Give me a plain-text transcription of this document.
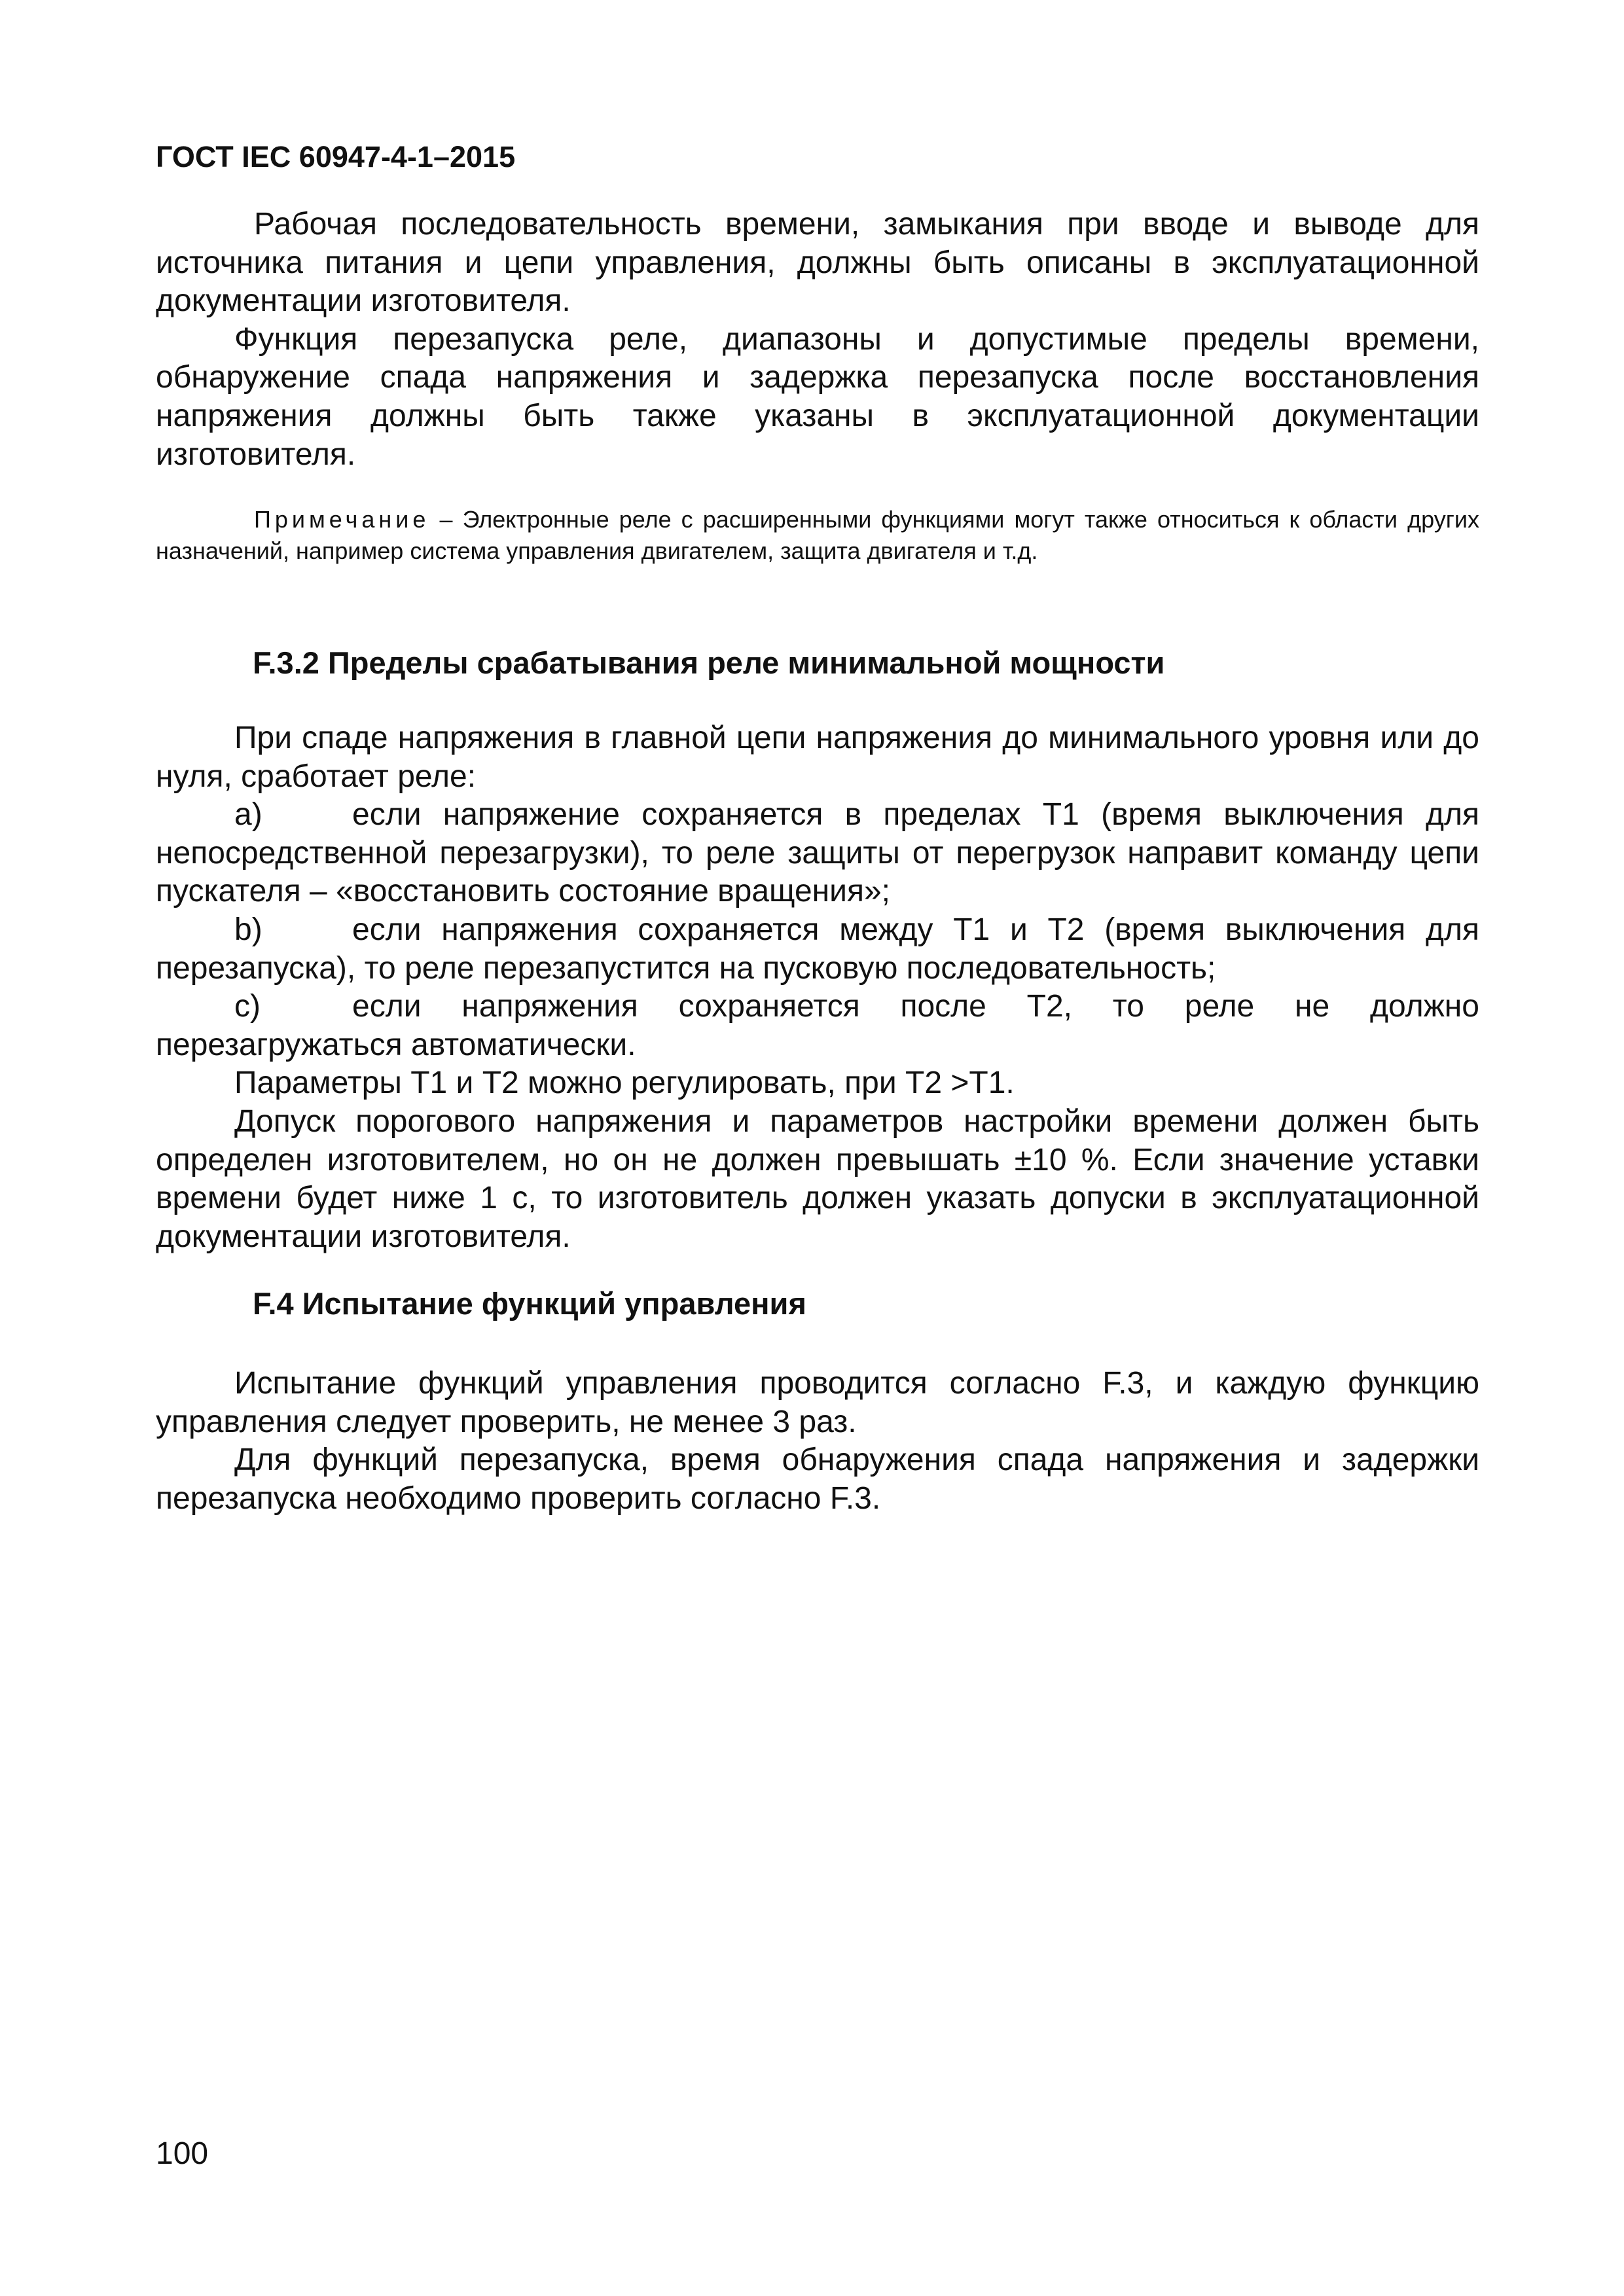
ГОСТ IEC 60947-4-1–2015

Рабочая последовательность времени, замыкания при вводе и выводе для источника питания и цепи управления, должны быть описаны в эксплуатационной документации изготовителя.

Функция перезапуска реле, диапазоны и допустимые пределы времени, обнаружение спада напряжения и задержка перезапуска после восстановления напряжения должны быть также указаны в эксплуатационной документации изготовителя.

Примечание – Электронные реле с расширенными функциями могут также относиться к области других назначений, например система управления двигателем, защита двигателя и т.д.
F.3.2 Пределы срабатывания реле минимальной мощности

При спаде напряжения в главной цепи напряжения до минимального уровня или до нуля, сработает реле:

a)	если напряжение сохраняется в пределах T1 (время выключения для непосредственной перезагрузки), то реле защиты от перегрузок направит команду цепи пускателя – «восстановить состояние вращения»;

b)	если напряжения сохраняется между T1 и T2 (время выключения для перезапуска), то реле перезапустится на пусковую последовательность;

c)	если напряжения сохраняется после T2, то реле не должно перезагружаться автоматически.

Параметры T1 и T2 можно регулировать, при T2 >T1.

Допуск порогового напряжения и параметров настройки времени должен быть определен изготовителем, но он не должен превышать ±10 %. Если значение уставки времени будет ниже 1 с, то изготовитель должен указать допуски в эксплуатационной документации изготовителя.

F.4 Испытание функций управления

Испытание функций управления проводится согласно F.3, и каждую функцию управления следует проверить, не менее 3 раз.

Для функций перезапуска, время обнаружения спада напряжения и задержки перезапуска необходимо проверить согласно F.3.

100
